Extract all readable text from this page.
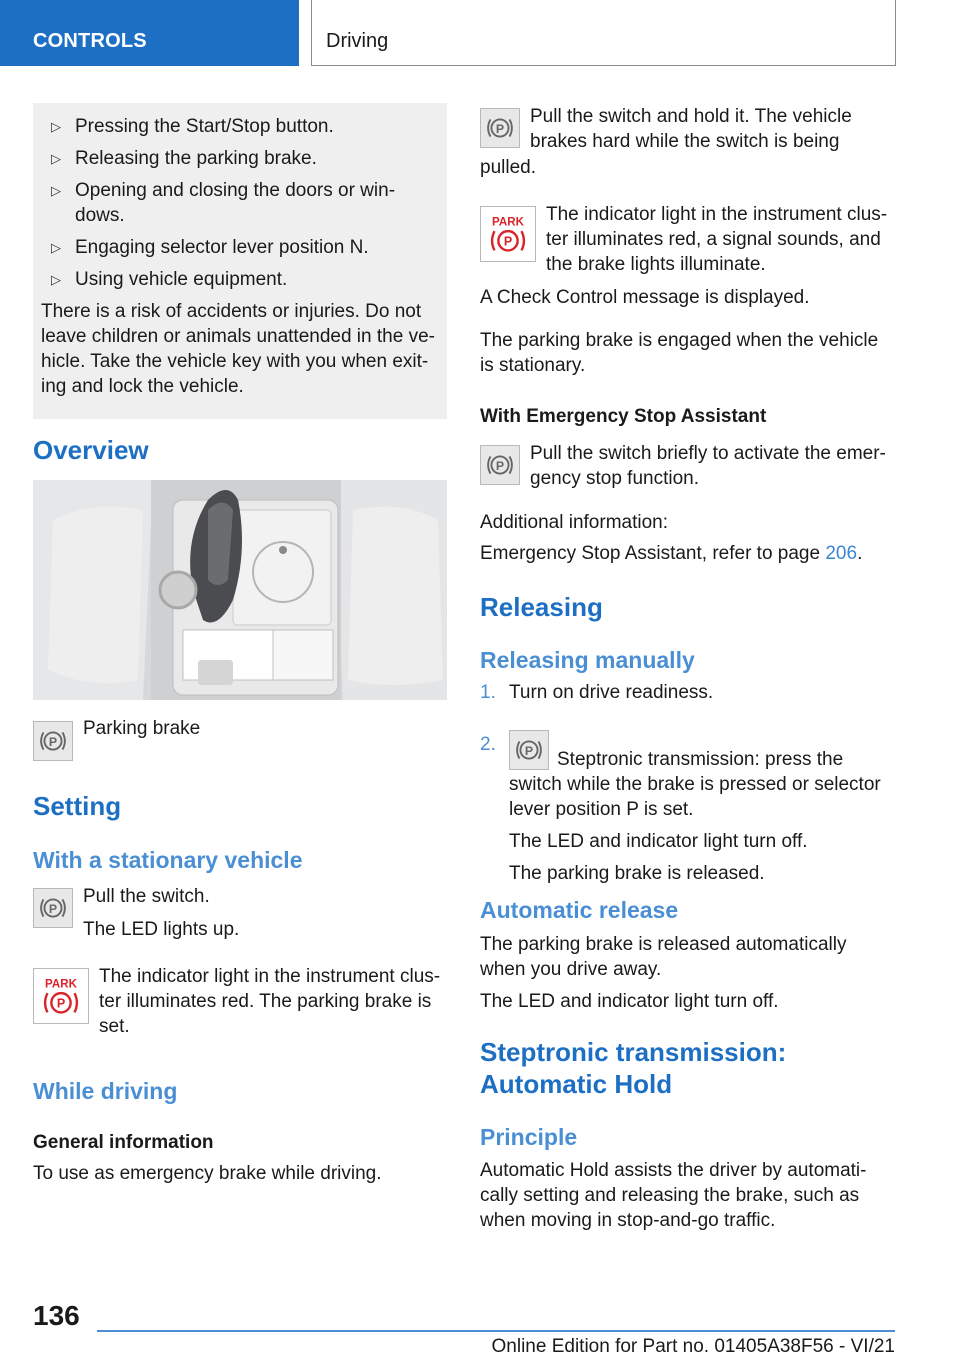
CONTROLS	Driving
▷ Pressing the Start/Stop button.
▷ Releasing the parking brake.
▷ Opening and closing the doors or win-
dows.
▷ Engaging selector lever position N.
▷ Using vehicle equipment.

There is a risk of accidents or injuries. Do not
leave children or animals unattended in the ve-
hicle. Take the vehicle key with you when exit-
ing and lock the vehicle.

Overview
P
Parking brake
Setting
With a stationary vehicle
P
Pull the switch.
The LED lights up.
PARK
P
The indicator light in the instrument clus-
ter illuminates red. The parking brake is
set.
While driving
General information
To use as emergency brake while driving.
P
Pull the switch and hold it. The vehicle
brakes hard while the switch is being
pulled.
PARK
P
The indicator light in the instrument clus-
ter illuminates red, a signal sounds, and
the brake lights illuminate.
A Check Control message is displayed.
The parking brake is engaged when the vehicle
is stationary.
With Emergency Stop Assistant
P
Pull the switch briefly to activate the emer-
gency stop function.
Additional information:
Emergency Stop Assistant, refer to page 206.
Releasing
Releasing manually
1. Turn on drive readiness.
2. P Steptronic transmission: press the
switch while the brake is pressed or selector
lever position P is set.
The LED and indicator light turn off.
The parking brake is released.
Automatic release
The parking brake is released automatically
when you drive away.
The LED and indicator light turn off.
Steptronic transmission:
Automatic Hold
Principle
Automatic Hold assists the driver by automati-
cally setting and releasing the brake, such as
when moving in stop-and-go traffic.
136
Online Edition for Part no. 01405A38F56 - VI/21
